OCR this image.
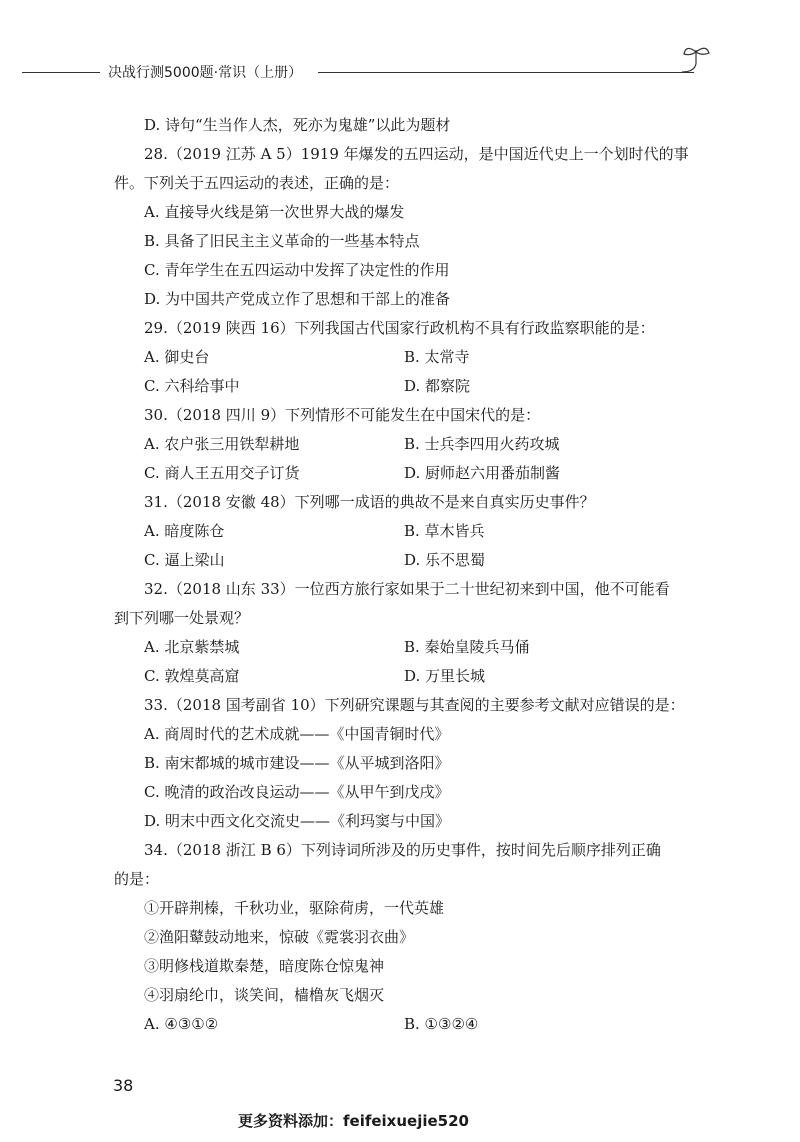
决战行测5000题·常识（上册）
D. 诗句“生当作人杰，死亦为鬼雄”以此为题材
28.（2019 江苏 A 5）1919 年爆发的五四运动，是中国近代史上一个划时代的事
件。下列关于五四运动的表述，正确的是：
A. 直接导火线是第一次世界大战的爆发
B. 具备了旧民主主义革命的一些基本特点
C. 青年学生在五四运动中发挥了决定性的作用
D. 为中国共产党成立作了思想和干部上的准备
29.（2019 陕西 16）下列我国古代国家行政机构不具有行政监察职能的是：
A. 御史台	B. 太常寺
C. 六科给事中	D. 都察院
30.（2018 四川 9）下列情形不可能发生在中国宋代的是：
A. 农户张三用铁犁耕地	B. 士兵李四用火药攻城
C. 商人王五用交子订货	D. 厨师赵六用番茄制酱
31.（2018 安徽 48）下列哪一成语的典故不是来自真实历史事件？
A. 暗度陈仓	B. 草木皆兵
C. 逼上梁山	D. 乐不思蜀
32.（2018 山东 33）一位西方旅行家如果于二十世纪初来到中国，他不可能看
到下列哪一处景观？
A. 北京紫禁城	B. 秦始皇陵兵马俑
C. 敦煌莫高窟	D. 万里长城
33.（2018 国考副省 10）下列研究课题与其查阅的主要参考文献对应错误的是：
A. 商周时代的艺术成就——《中国青铜时代》
B. 南宋都城的城市建设——《从平城到洛阳》
C. 晚清的政治改良运动——《从甲午到戊戌》
D. 明末中西文化交流史——《利玛窦与中国》
34.（2018 浙江 B 6）下列诗词所涉及的历史事件，按时间先后顺序排列正确
的是：
①开辟荆榛，千秋功业，驱除荷虏，一代英雄
②渔阳鼙鼓动地来，惊破《霓裳羽衣曲》
③明修栈道欺秦楚，暗度陈仓惊鬼神
④羽扇纶巾，谈笑间，樯橹灰飞烟灭
A. ④③①②	B. ①③②④
38
更多资料添加：feifeixuejie520
